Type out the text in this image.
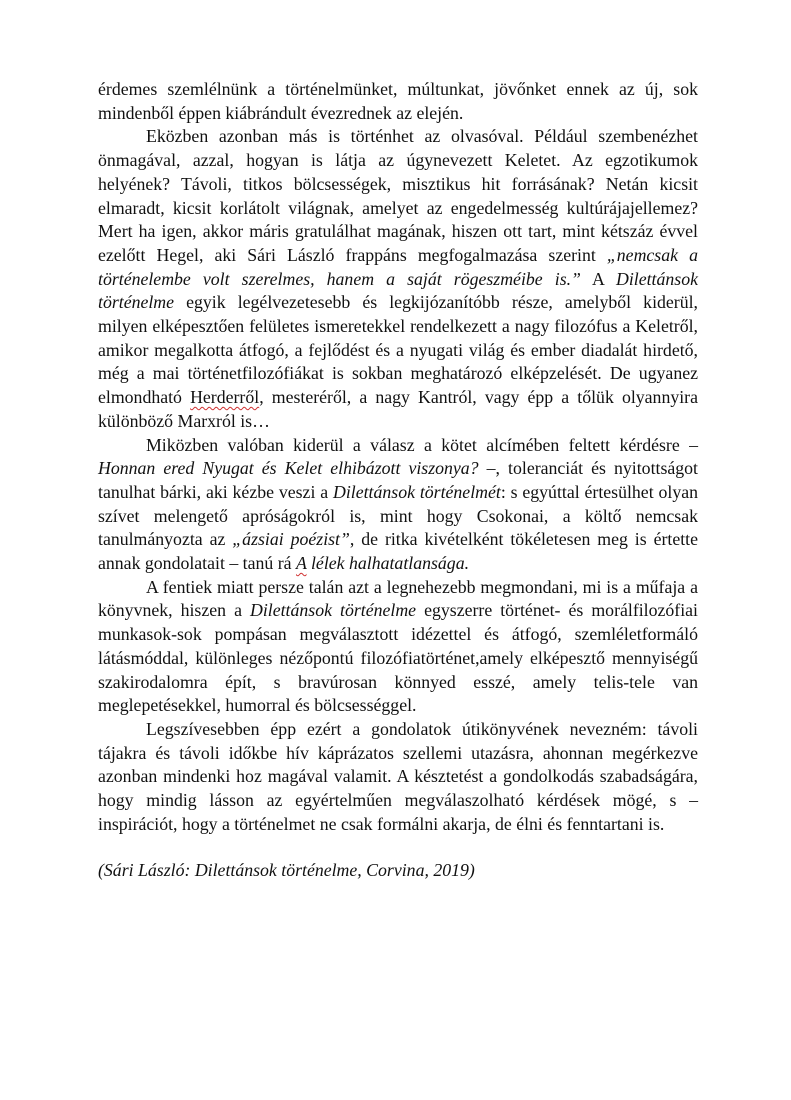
érdemes szemlélnünk a történelmünket, múltunkat, jövőnket ennek az új, sok mindenből éppen kiábrándult évezrednek az elején.

Eközben azonban más is történhet az olvasóval. Például szembenézhet önmagával, azzal, hogyan is látja az úgynevezett Keletet. Az egzotikumok helyének? Távoli, titkos bölcsességek, misztikus hit forrásának? Netán kicsit elmaradt, kicsit korlátolt világnak, amelyet az engedelmesség kultúrájajellemez? Mert ha igen, akkor máris gratulálhat magának, hiszen ott tart, mint kétszáz évvel ezelőtt Hegel, aki Sári László frappáns megfogalmazása szerint „nemcsak a történelembe volt szerelmes, hanem a saját rögeszméibe is.” A Dilettánsok történelme egyik legélvezetesebb és legkijózanítóbb része, amelyből kiderül, milyen elképesztően felületes ismeretekkel rendelkezett a nagy filozófus a Keletről, amikor megalkotta átfogó, a fejlődést és a nyugati világ és ember diadalát hirdető, még a mai történetfilozófiákat is sokban meghatározó elképzelését. De ugyanez elmondható Herderről, mesteréről, a nagy Kantról, vagy épp a tőlük olyannyira különböző Marxról is…

Miközben valóban kiderül a válasz a kötet alcímében feltett kérdésre – Honnan ered Nyugat és Kelet elhibázott viszonya? –, toleranciát és nyitottságot tanulhat bárki, aki kézbe veszi a Dilettánsok történelmét: s egyúttal értesülhet olyan szívet melengető apróságokról is, mint hogy Csokonai, a költő nemcsak tanulmányozta az „ázsiai poézist”, de ritka kivételként tökéletesen meg is értette annak gondolatait – tanú rá A lélek halhatatlansága.

A fentiek miatt persze talán azt a legnehezebb megmondani, mi is a műfaja a könyvnek, hiszen a Dilettánsok történelme egyszerre történet- és morálfilozófiai munkasok-sok pompásan megválasztott idézettel és átfogó, szemléletformáló látásmóddal, különleges nézőpontú filozófiatörténet,amely elképesztő mennyiségű szakirodalomra épít, s bravúrosan könnyed esszé, amely telis-tele van meglepetésekkel, humorral és bölcsességgel.

Legszívesebben épp ezért a gondolatok útikönyvének nevezném: távoli tájakra és távoli időkbe hív káprázatos szellemi utazásra, ahonnan megérkezve azonban mindenki hoz magával valamit. A késztetést a gondolkodás szabadságára, hogy mindig lásson az egyértelműen megválaszolható kérdések mögé, s – inspirációt, hogy a történelmet ne csak formálni akarja, de élni és fenntartani is.

(Sári László: Dilettánsok történelme, Corvina, 2019)
